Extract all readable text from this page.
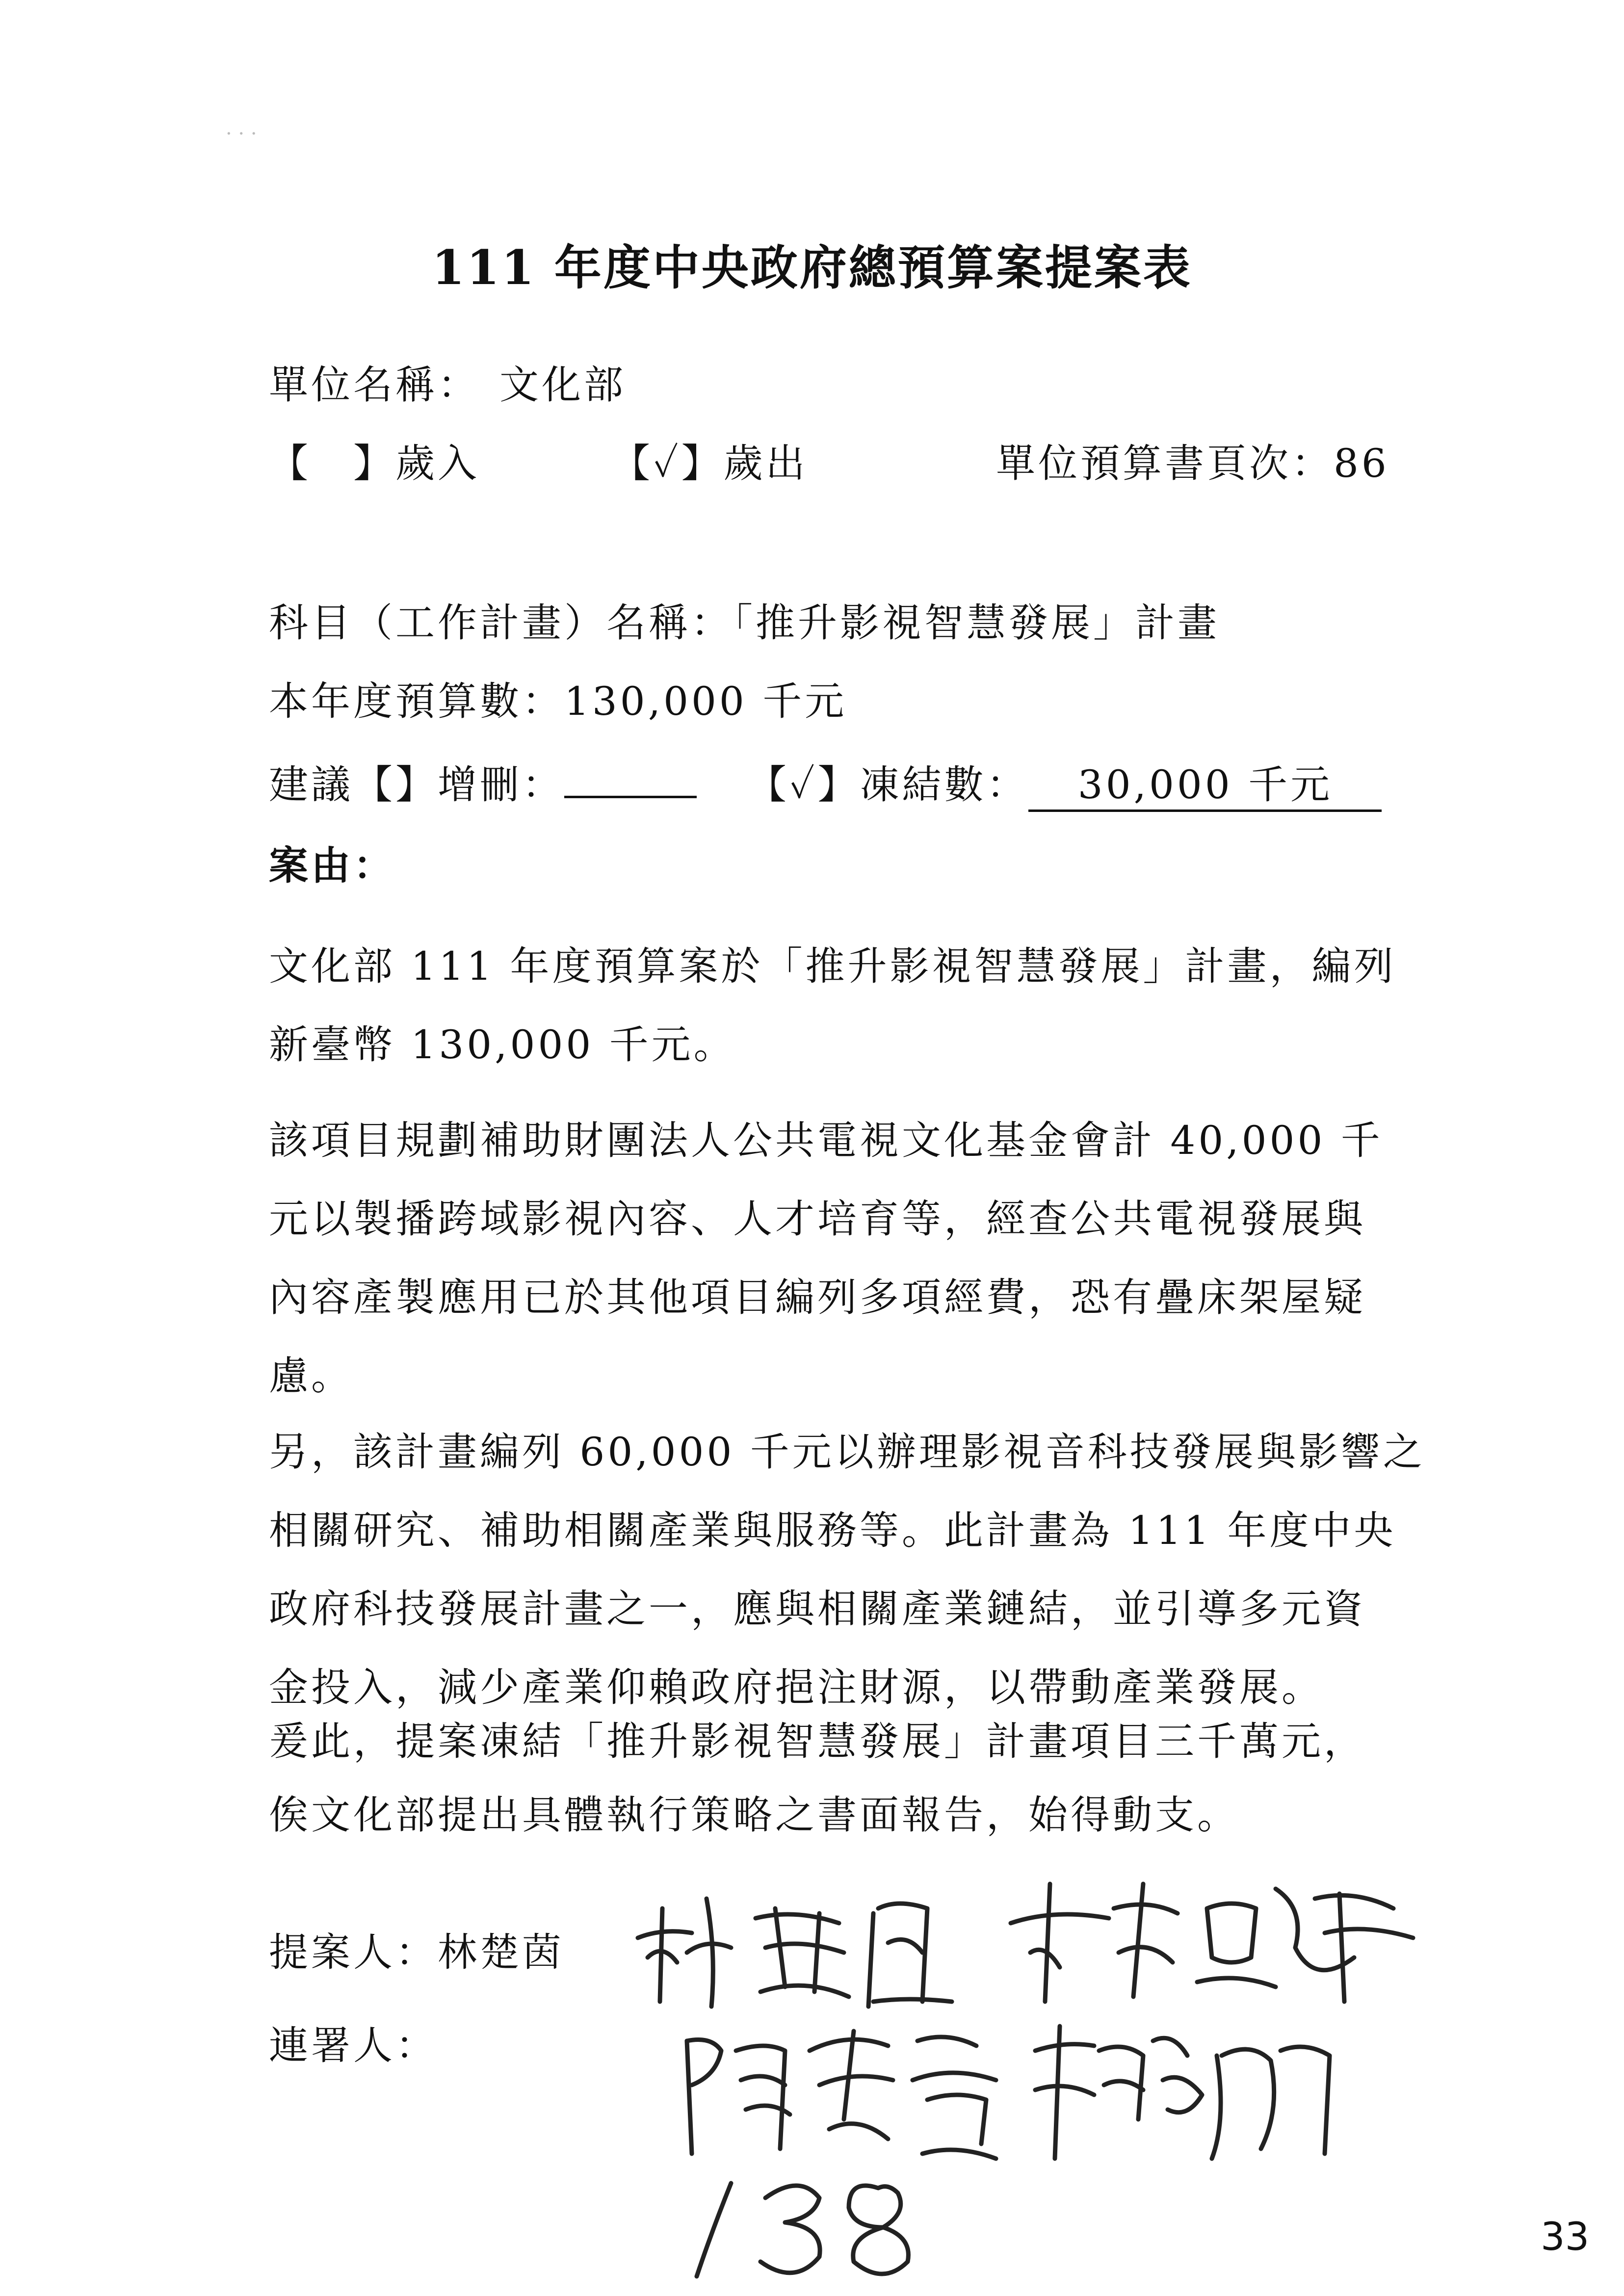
· · ·
111 年度中央政府總預算案提案表
單位名稱： 文化部
【　】歲入	【✓】歲出	單位預算書頁次：86
科目（工作計畫）名稱：「推升影視智慧發展」計畫
本年度預算數：130,000 千元
建議【】增刪：	【✓】凍結數： 30,000 千元
案由：

文化部 111 年度預算案於「推升影視智慧發展」計畫，編列

新臺幣 130,000 千元。

該項目規劃補助財團法人公共電視文化基金會計 40,000 千

元以製播跨域影視內容、人才培育等，經查公共電視發展與

內容產製應用已於其他項目編列多項經費，恐有疊床架屋疑

慮。

另，該計畫編列 60,000 千元以辦理影視音科技發展與影響之

相關研究、補助相關產業與服務等。此計畫為 111 年度中央

政府科技發展計畫之一，應與相關產業鏈結，並引導多元資

金投入，減少產業仰賴政府挹注財源，以帶動產業發展。

爰此，提案凍結「推升影視智慧發展」計畫項目三千萬元，

俟文化部提出具體執行策略之書面報告，始得動支。

提案人：林楚茵
連署人：
33
